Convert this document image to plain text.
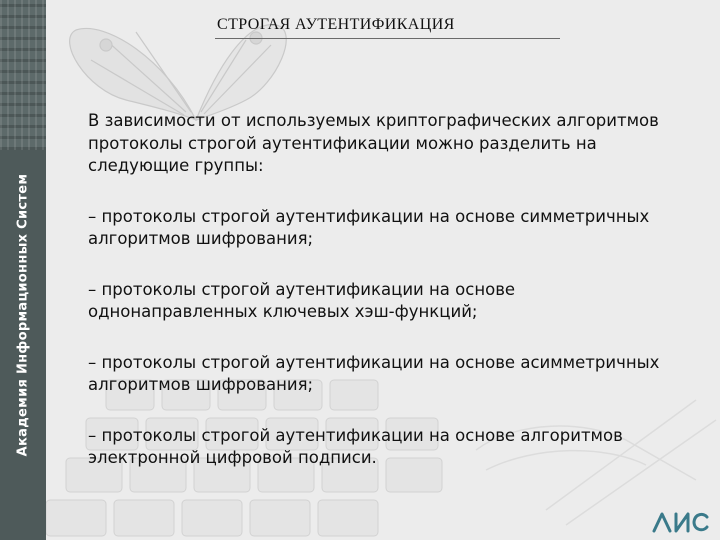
Академия Информационных Систем
СТРОГАЯ АУТЕНТИФИКАЦИЯ

В зависимости от используемых криптографических алгоритмов протоколы строгой аутентификации можно разделить на следующие группы:

– протоколы строгой аутентификации на основе симметричных алгоритмов шифрования;

– протоколы строгой аутентификации на основе однонаправленных ключевых хэш-функций;

– протоколы строгой аутентификации на основе асимметричных алгоритмов шифрования;

– протоколы строгой аутентификации на основе алгоритмов электронной цифровой подписи.
